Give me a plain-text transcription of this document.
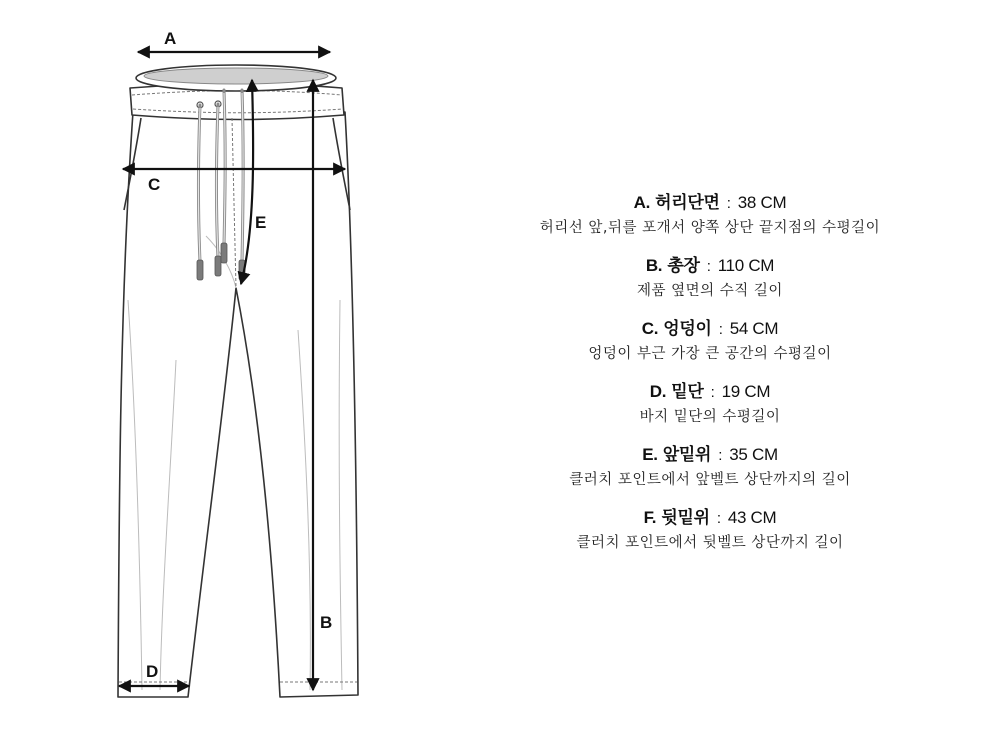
A
B
C
D
E
A. 허리단면 : 38 CM
허리선 앞,뒤를 포개서 양쪽 상단 끝지점의 수평길이
B. 총장 : 110 CM
제품 옆면의 수직 길이
C. 엉덩이 : 54 CM
엉덩이 부근 가장 큰 공간의 수평길이
D. 밑단 : 19 CM
바지 밑단의 수평길이
E. 앞밑위 : 35 CM
클러치 포인트에서 앞벨트 상단까지의 길이
F. 뒷밑위 : 43 CM
클러치 포인트에서 뒷벨트 상단까지 길이
